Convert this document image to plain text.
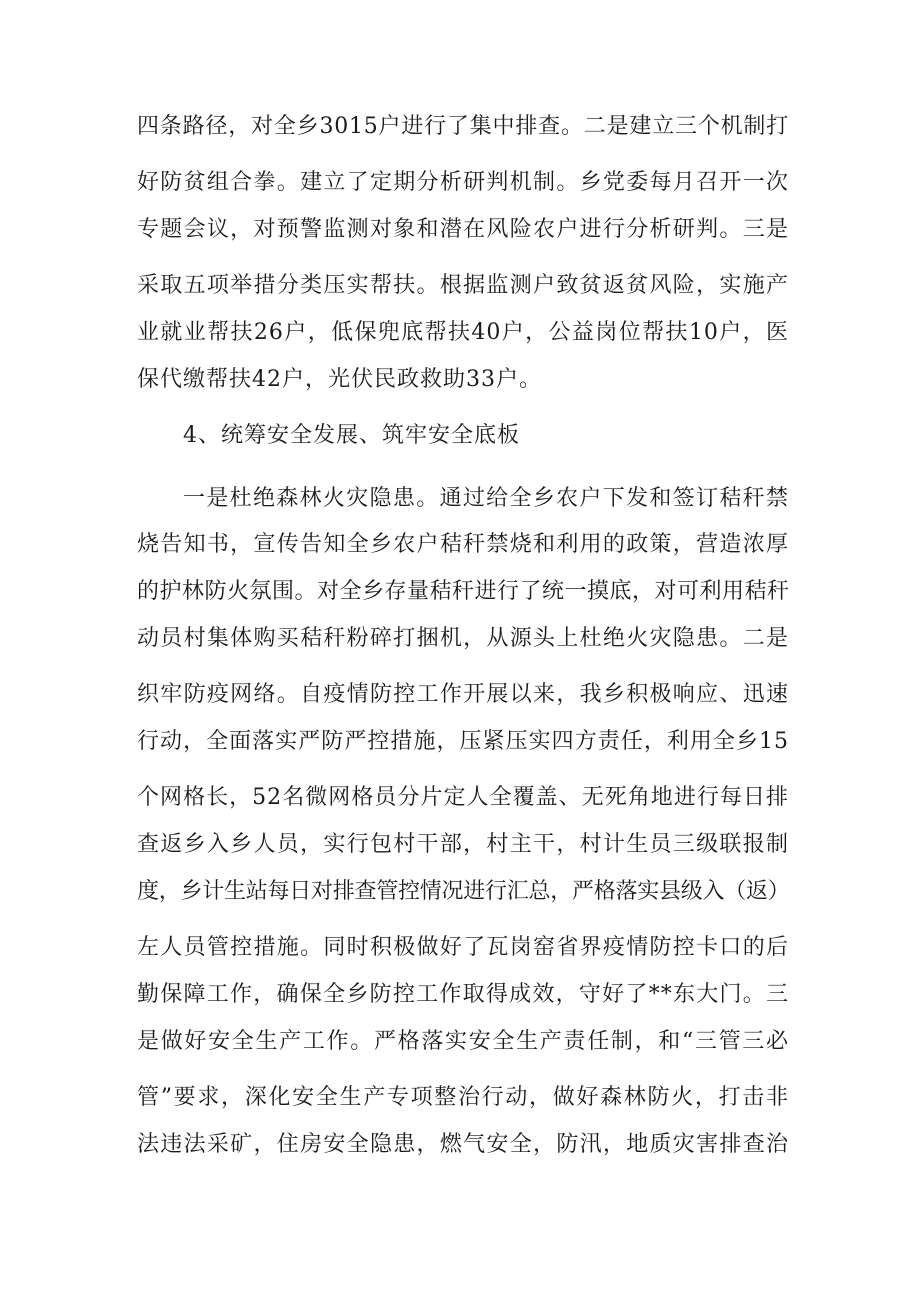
四条路径，对全乡3015户进行了集中排查。二是建立三个机制打
好防贫组合拳。建立了定期分析研判机制。乡党委每月召开一次
专题会议，对预警监测对象和潜在风险农户进行分析研判。三是
采取五项举措分类压实帮扶。根据监测户致贫返贫风险，实施产
业就业帮扶26户，低保兜底帮扶40户，公益岗位帮扶10户，医
保代缴帮扶42户，光伏民政救助33户。
4、统筹安全发展、筑牢安全底板
一是杜绝森林火灾隐患。通过给全乡农户下发和签订秸秆禁
烧告知书，宣传告知全乡农户秸秆禁烧和利用的政策，营造浓厚
的护林防火氛围。对全乡存量秸秆进行了统一摸底，对可利用秸秆
动员村集体购买秸秆粉碎打捆机，从源头上杜绝火灾隐患。二是
织牢防疫网络。自疫情防控工作开展以来，我乡积极响应、迅速
行动，全面落实严防严控措施，压紧压实四方责任，利用全乡15
个网格长，52名微网格员分片定人全覆盖、无死角地进行每日排
查返乡入乡人员，实行包村干部，村主干，村计生员三级联报制
度，乡计生站每日对排查管控情况进行汇总，严格落实县级入（返）
左人员管控措施。同时积极做好了瓦岗窑省界疫情防控卡口的后
勤保障工作，确保全乡防控工作取得成效，守好了**东大门。三
是做好安全生产工作。严格落实安全生产责任制，和“三管三必
管”要求，深化安全生产专项整治行动，做好森林防火，打击非
法违法采矿，住房安全隐患，燃气安全，防汛，地质灾害排查治
